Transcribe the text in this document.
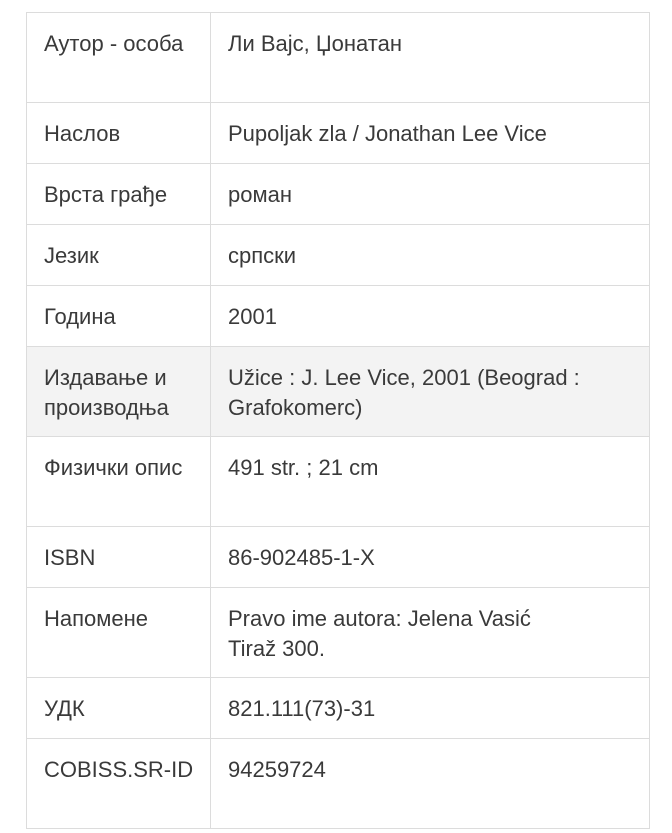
Аутор - особа	Ли Вајс, Џонатан
Наслов	Pupoljak zla / Jonathan Lee Vice
Врста грађе	роман
Језик	српски
Година	2001
Издавање и производња	Užice : J. Lee Vice, 2001 (Beograd : Grafokomerc)
Физички опис	491 str. ; 21 cm
ISBN	86-902485-1-X
Напомене	Pravo ime autora: Jelena Vasić
Tiraž 300.

УДК	821.111(73)-31
COBISS.SR-ID	94259724
